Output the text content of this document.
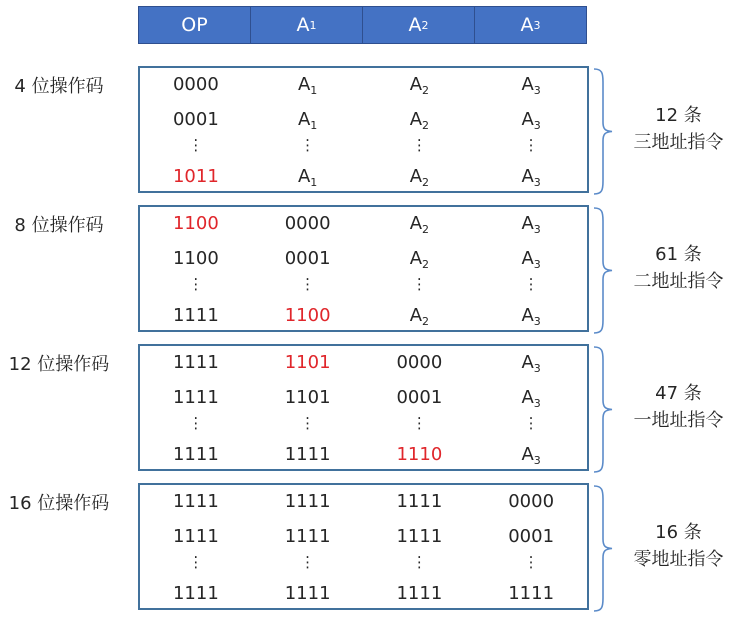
OP	A 1	A 2	A 3
4 位操作码	0000	$A_1$	$A_2$	$A_3$
0001	$A_1$	$A_2$	$A_3$
⋮	⋮	⋮	⋮
1011	$A_1$	$A_2$	$A_3$
12 条
三地址指令
8 位操作码	1100	0000	$A_2$	$A_3$
1100	0001	$A_2$	$A_3$
⋮	⋮	⋮	⋮
1111	1100	$A_2$	$A_3$
61 条
二地址指令
12 位操作码	1111	1101	0000	$A_3$
1111	1101	0001	$A_3$
⋮	⋮	⋮	⋮
1111	1111	1110	$A_3$
47 条
一地址指令
16 位操作码	1111	1111	1111	0000
1111	1111	1111	0001
⋮	⋮	⋮	⋮
1111	1111	1111	1111
16 条
零地址指令
